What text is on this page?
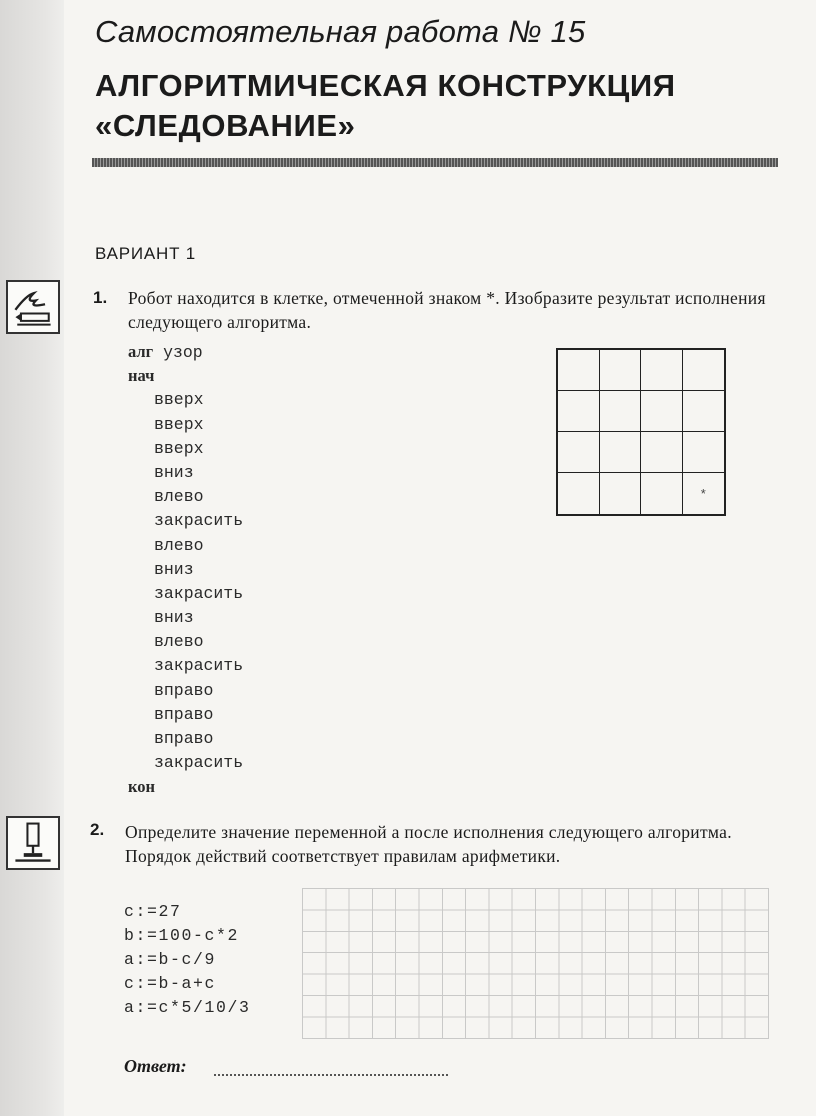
Самостоятельная работа № 15
АЛГОРИТМИЧЕСКАЯ КОНСТРУКЦИЯ
«СЛЕДОВАНИЕ»
ВАРИАНТ 1
1. Робот находится в клетке, отмеченной знаком *. Изобразите результат исполнения следующего алгоритма.

алг узор
нач
вверх
вверх
вверх
вниз
влево
закрасить
влево
вниз
закрасить
вниз
влево
закрасить
вправо
вправо
вправо
закрасить
кон
*
2. Определите значение переменной а после исполнения следующего алгоритма. Порядок действий соответствует правилам арифметики.

c:=27
b:=100-c*2
a:=b-c/9
c:=b-a+c
a:=c*5/10/3
Ответ:
